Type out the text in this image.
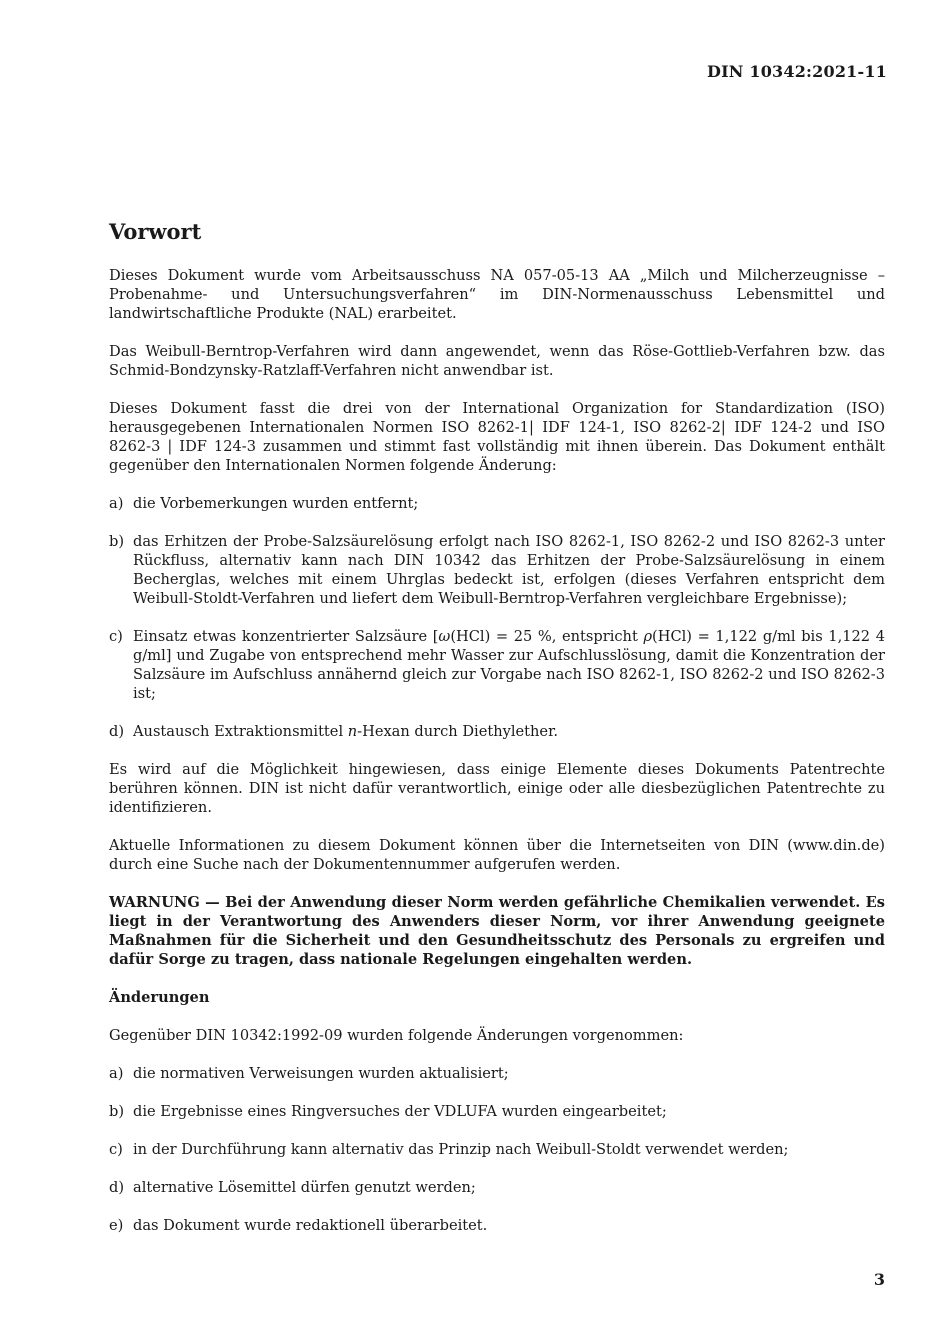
DIN 10342:2021-11
Vorwort

Dieses Dokument wurde vom Arbeitsausschuss NA 057-05-13 AA „Milch und Milcherzeugnisse – Probenahme- und Untersuchungsverfahren“ im DIN-Normenausschuss Lebensmittel und landwirtschaftliche Produkte (NAL) erarbeitet.

Das Weibull-Berntrop-Verfahren wird dann angewendet, wenn das Röse-Gottlieb-Verfahren bzw. das Schmid-Bondzynsky-Ratzlaff-Verfahren nicht anwendbar ist.

Dieses Dokument fasst die drei von der International Organization for Standardization (ISO) herausgegebenen Internationalen Normen ISO 8262-1| IDF 124-1, ISO 8262-2| IDF 124-2 und ISO 8262-3 | IDF 124-3 zusammen und stimmt fast vollständig mit ihnen überein. Das Dokument enthält gegenüber den Internationalen Normen folgende Änderung:

a) die Vorbemerkungen wurden entfernt;
b) das Erhitzen der Probe-Salzsäurelösung erfolgt nach ISO 8262-1, ISO 8262-2 und ISO 8262-3 unter Rückfluss, alternativ kann nach DIN 10342 das Erhitzen der Probe-Salzsäurelösung in einem Becherglas, welches mit einem Uhrglas bedeckt ist, erfolgen (dieses Verfahren entspricht dem Weibull-Stoldt-Verfahren und liefert dem Weibull-Berntrop-Verfahren vergleichbare Ergebnisse);
c) Einsatz etwas konzentrierter Salzsäure [ω(HCl) = 25 %, entspricht ρ(HCl) = 1,122 g/ml bis 1,122 4 g/ml] und Zugabe von entsprechend mehr Wasser zur Aufschlusslösung, damit die Konzentration der Salzsäure im Aufschluss annähernd gleich zur Vorgabe nach ISO 8262-1, ISO 8262-2 und ISO 8262-3 ist;
d) Austausch Extraktionsmittel n-Hexan durch Diethylether.

Es wird auf die Möglichkeit hingewiesen, dass einige Elemente dieses Dokuments Patentrechte berühren können. DIN ist nicht dafür verantwortlich, einige oder alle diesbezüglichen Patentrechte zu identifizieren.

Aktuelle Informationen zu diesem Dokument können über die Internetseiten von DIN (www.din.de) durch eine Suche nach der Dokumentennummer aufgerufen werden.

WARNUNG — Bei der Anwendung dieser Norm werden gefährliche Chemikalien verwendet. Es liegt in der Verantwortung des Anwenders dieser Norm, vor ihrer Anwendung geeignete Maßnahmen für die Sicherheit und den Gesundheitsschutz des Personals zu ergreifen und dafür Sorge zu tragen, dass nationale Regelungen eingehalten werden.

Änderungen

Gegenüber DIN 10342:1992-09 wurden folgende Änderungen vorgenommen:

a) die normativen Verweisungen wurden aktualisiert;
b) die Ergebnisse eines Ringversuches der VDLUFA wurden eingearbeitet;
c) in der Durchführung kann alternativ das Prinzip nach Weibull-Stoldt verwendet werden;
d) alternative Lösemittel dürfen genutzt werden;
e) das Dokument wurde redaktionell überarbeitet.
3
